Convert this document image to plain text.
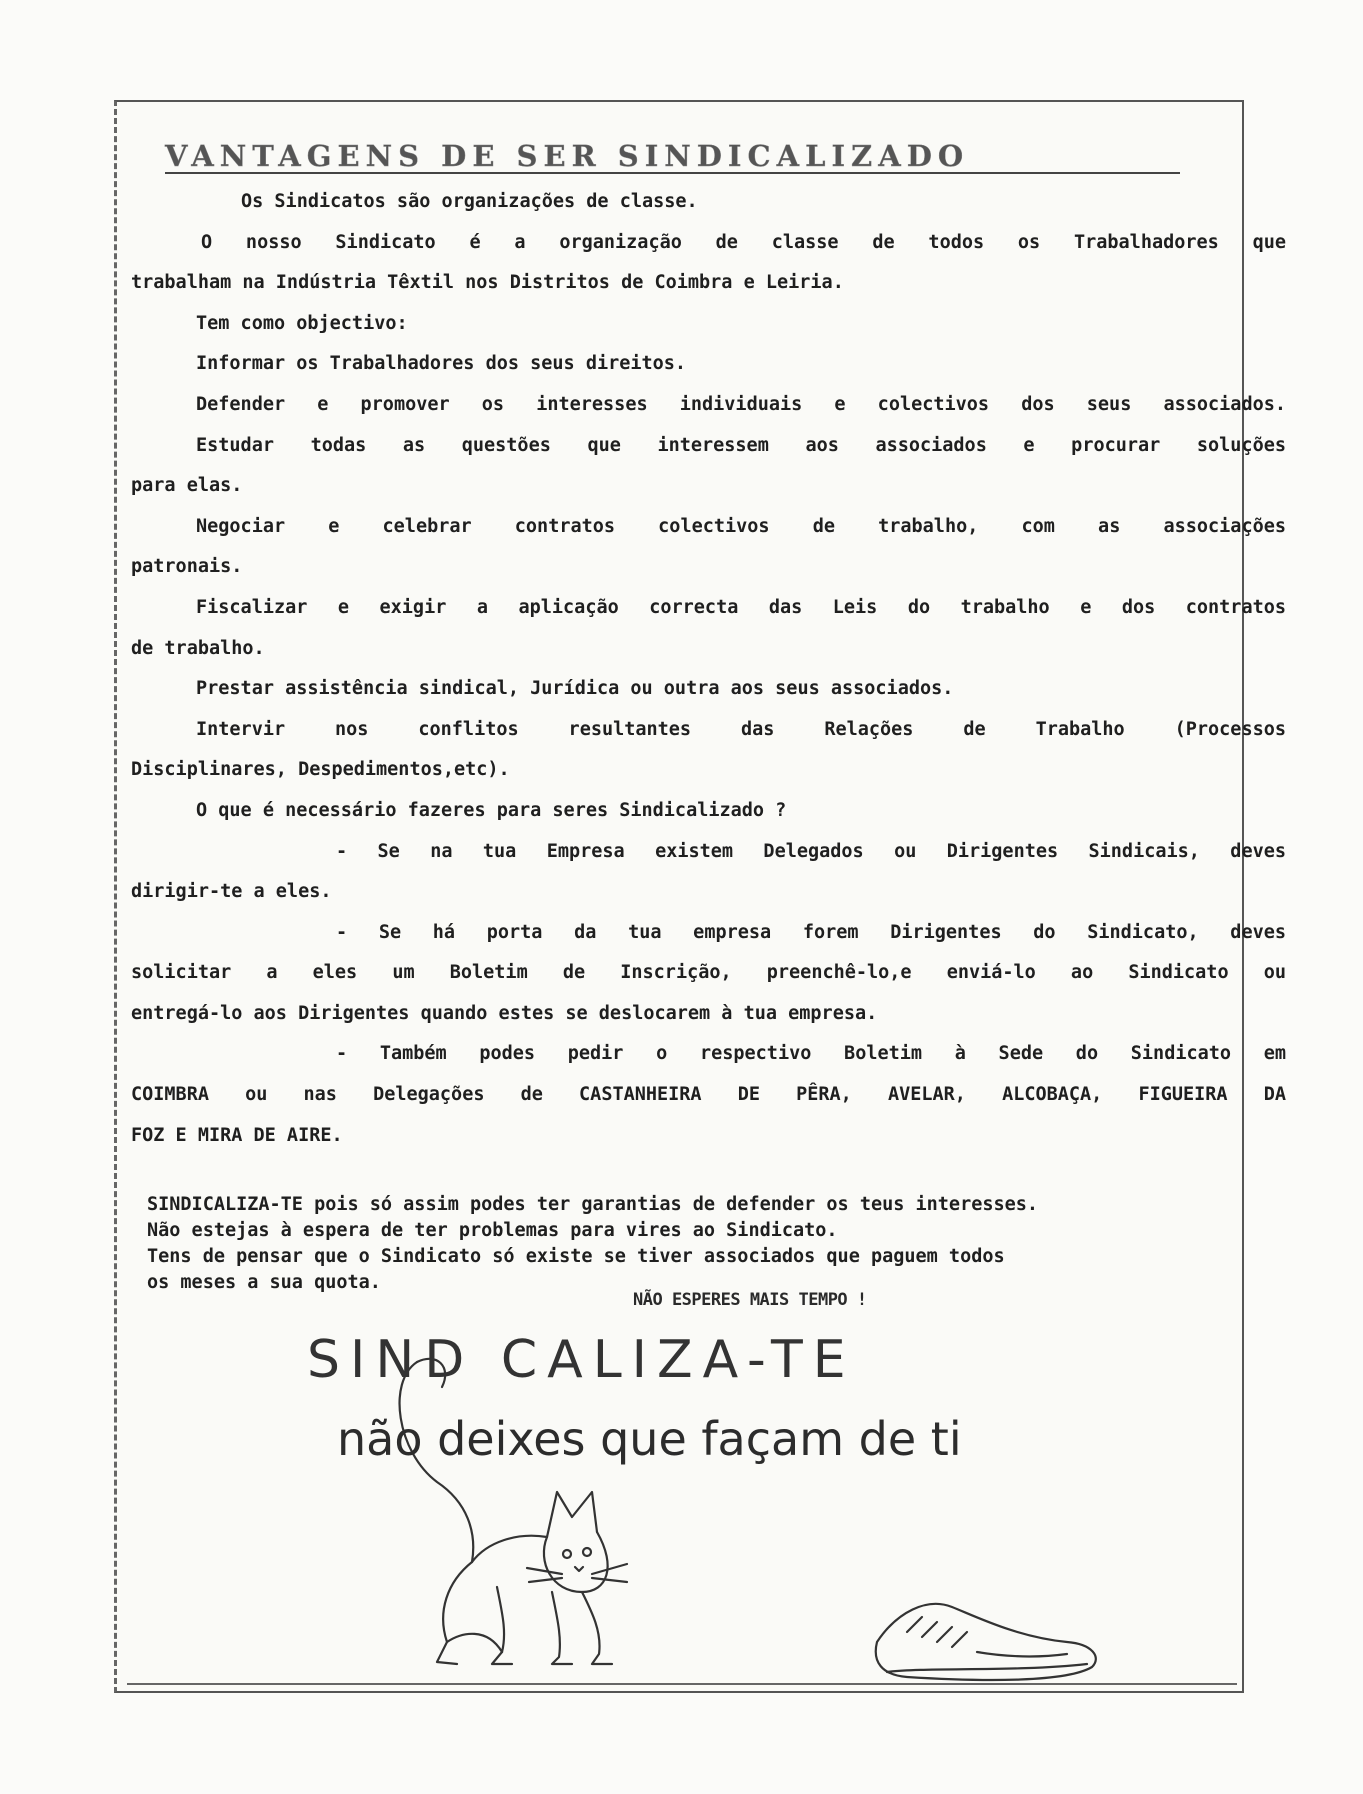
VANTAGENS DE SER SINDICALIZADO

Os Sindicatos são organizações de classe.

O nosso Sindicato é a organização de classe de todos os Trabalhadores que

trabalham na Indústria Têxtil nos Distritos de Coimbra e Leiria.

Tem como objectivo:

Informar os Trabalhadores dos seus direitos.

Defender e promover os interesses individuais e colectivos dos seus associados.

Estudar todas as questões que interessem aos associados e procurar soluções

para elas.

Negociar e celebrar contratos colectivos de trabalho, com as associações

patronais.

Fiscalizar e exigir a aplicação correcta das Leis do trabalho e dos contratos

de trabalho.

Prestar assistência sindical, Jurídica ou outra aos seus associados.

Intervir nos conflitos resultantes das Relações de Trabalho (Processos

Disciplinares, Despedimentos,etc).

O que é necessário fazeres para seres Sindicalizado ?

- Se na tua Empresa existem Delegados ou Dirigentes Sindicais, deves

dirigir-te a eles.

- Se há porta da tua empresa forem Dirigentes do Sindicato, deves

solicitar a eles um Boletim de Inscrição, preenchê-lo,e enviá-lo ao Sindicato ou

entregá-lo aos Dirigentes quando estes se deslocarem à tua empresa.

- Também podes pedir o respectivo Boletim à Sede do Sindicato em

COIMBRA ou nas Delegações de CASTANHEIRA DE PÊRA, AVELAR, ALCOBAÇA, FIGUEIRA DA

FOZ E MIRA DE AIRE.

SINDICALIZA-TE pois só assim podes ter garantias de defender os teus interesses.

Não estejas à espera de ter problemas para vires ao Sindicato.

Tens de pensar que o Sindicato só existe se tiver associados que paguem todos

os meses a sua quota.

NÃO ESPERES MAIS TEMPO !
SIND CALIZA-TE
não deixes que façam de ti
